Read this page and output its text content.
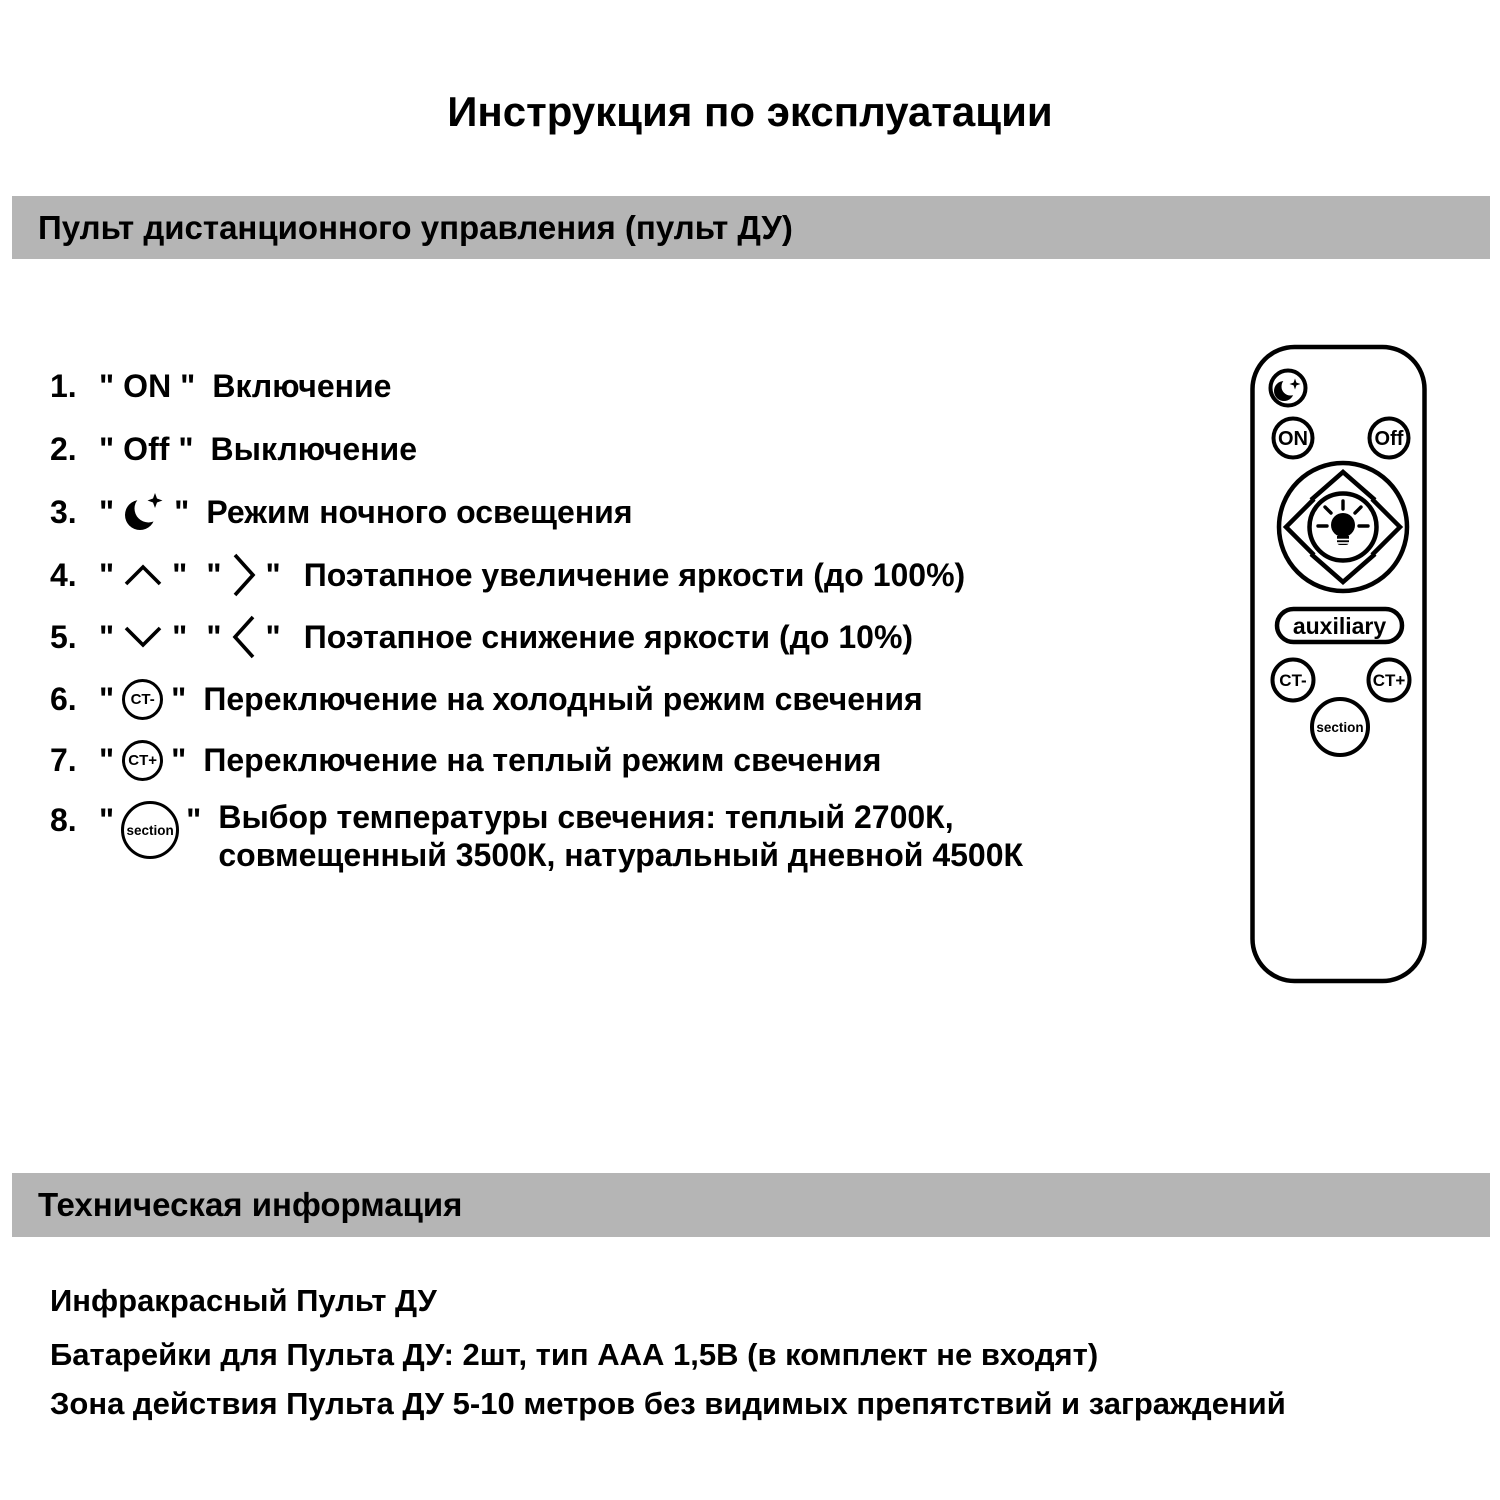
Инструкция по эксплуатации
Пульт дистанционного управления (пульт ДУ)
1. " ON " Включение
2. " Off " Выключение
3. " " Режим ночного освещения
4. " " " " Поэтапное увеличение яркости (до 100%)
5. " " " " Поэтапное снижение яркости (до 10%)
6. " CT- " Переключение на холодный режим свечения
7. " CT+ " Переключение на теплый режим свечения
8. " section " Выбор температуры свечения: теплый 2700К,
совмещенный 3500К, натуральный дневной 4500К
ON	Off
auxiliary
CT-	CT+
section
Техническая информация
Инфракрасный Пульт ДУ
Батарейки для Пульта ДУ: 2шт, тип ААА 1,5В (в комплект не входят)
Зона действия Пульта ДУ 5-10 метров без видимых препятствий и заграждений
